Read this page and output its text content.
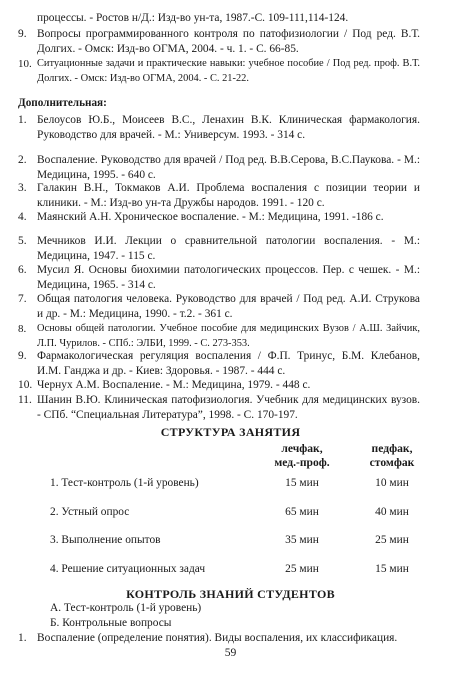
процессы. - Ростов н/Д.: Изд-во ун-та, 1987.-С. 109-111,114-124.
9. Вопросы программированного контроля по патофизиологии / Под ред. В.Т. Долгих. - Омск: Изд-во ОГМА, 2004. - ч. 1. - С. 66-85.
10. Ситуационные задачи и практические навыки: учебное пособие / Под ред. проф. В.Т. Долгих. - Омск: Изд-во ОГМА, 2004. - С. 21-22.
Дополнительная:
1. Белоусов Ю.Б., Моисеев В.С., Ленахин В.К. Клиническая фармакология. Руководство для врачей. - М.: Универсум. 1993. - 314 с.
2. Воспаление. Руководство для врачей / Под ред. В.В.Серова, В.С.Паукова. - М.: Медицина, 1995. - 640 с.
3. Галакин В.Н., Токмаков А.И. Проблема воспаления с позиции теории и клиники. - М.: Изд-во ун-та Дружбы народов. 1991. - 120 с.
4. Маянский А.Н. Хроническое воспаление. - М.: Медицина, 1991. -186 с.
5. Мечников И.И. Лекции о сравнительной патологии воспаления. - М.: Медицина, 1947. - 115 с.
6. Мусил Я. Основы биохимии патологических процессов. Пер. с чешек. - М.: Медицина, 1965. - 314 с.
7. Общая патология человека. Руководство для врачей / Под ред. А.И. Струкова и др. - М.: Медицина, 1990. - т.2. - 361 с.
8.	Основы общей патологии. Учебное пособие для медицинских Вузов / А.Ш. Зайчик, Л.П. Чурилов. - СПб.: ЭЛБИ, 1999. - С. 273-353.
9. Фармакологическая регуляция воспаления / Ф.П. Тринус, Б.М. Клебанов, И.М. Ганджа и др. - Киев: Здоровья. - 1987. - 444 с.
10. Чернух А.М. Воспаление. - М.: Медицина, 1979. - 448 с.
11. Шанин В.Ю. Клиническая патофизиология. Учебник для медицинских вузов. - СПб. “Специальная Литература”, 1998. - С. 170-197.
СТРУКТУРА ЗАНЯТИЯ
лечфак,
мед.-проф.
педфак,
стомфак
1. Тест-контроль (1-й уровень)	15 мин	10 мин
2. Устный опрос	65 мин	40 мин
3. Выполнение опытов	35 мин	25 мин
4. Решение ситуационных задач	25 мин	15 мин
КОНТРОЛЬ ЗНАНИЙ СТУДЕНТОВ
А. Тест-контроль (1-й уровень)
Б. Контрольные вопросы
1. Воспаление (определение понятия). Виды воспаления, их классификация.
59
